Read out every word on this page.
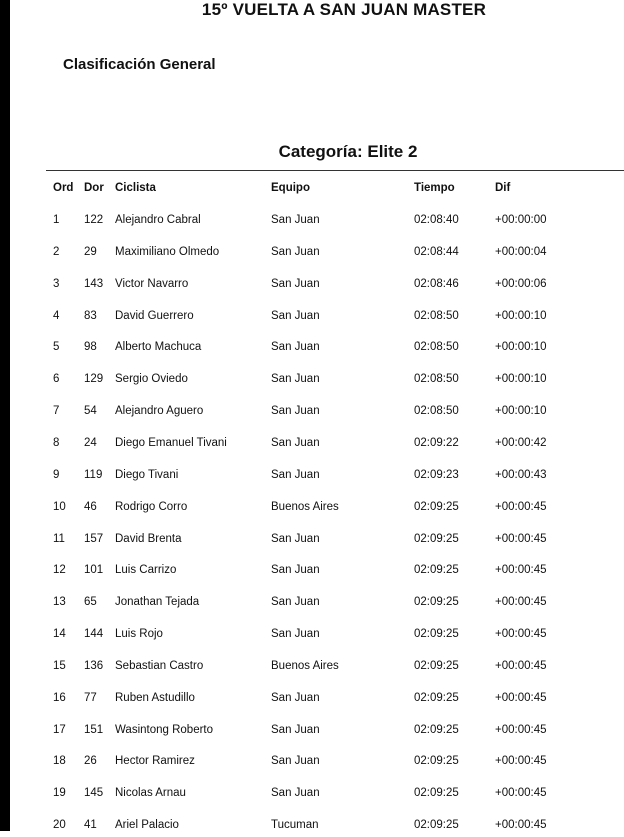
15º VUELTA A SAN JUAN MASTER
Clasificación General
Categoría: Elite 2
Ord Dor Ciclista	Equipo	Tiempo	Dif
1 122 Alejandro Cabral	San Juan	02:08:40	+00:00:00
2 29 Maximiliano Olmedo	San Juan	02:08:44	+00:00:04
3 143 Victor Navarro	San Juan	02:08:46	+00:00:06
4 83 David Guerrero	San Juan	02:08:50	+00:00:10
5 98 Alberto Machuca	San Juan	02:08:50	+00:00:10
6 129 Sergio Oviedo	San Juan	02:08:50	+00:00:10
7 54 Alejandro Aguero	San Juan	02:08:50	+00:00:10
8 24 Diego Emanuel Tivani	San Juan	02:09:22	+00:00:42
9 119 Diego Tivani	San Juan	02:09:23	+00:00:43
10 46 Rodrigo Corro	Buenos Aires	02:09:25	+00:00:45
11 157 David Brenta	San Juan	02:09:25	+00:00:45
12 101 Luis Carrizo	San Juan	02:09:25	+00:00:45
13 65 Jonathan Tejada	San Juan	02:09:25	+00:00:45
14 144 Luis Rojo	San Juan	02:09:25	+00:00:45
15 136 Sebastian Castro	Buenos Aires	02:09:25	+00:00:45
16 77 Ruben Astudillo	San Juan	02:09:25	+00:00:45
17 151 Wasintong Roberto	San Juan	02:09:25	+00:00:45
18 26 Hector Ramirez	San Juan	02:09:25	+00:00:45
19 145 Nicolas Arnau	San Juan	02:09:25	+00:00:45
20 41 Ariel Palacio	Tucuman	02:09:25	+00:00:45
